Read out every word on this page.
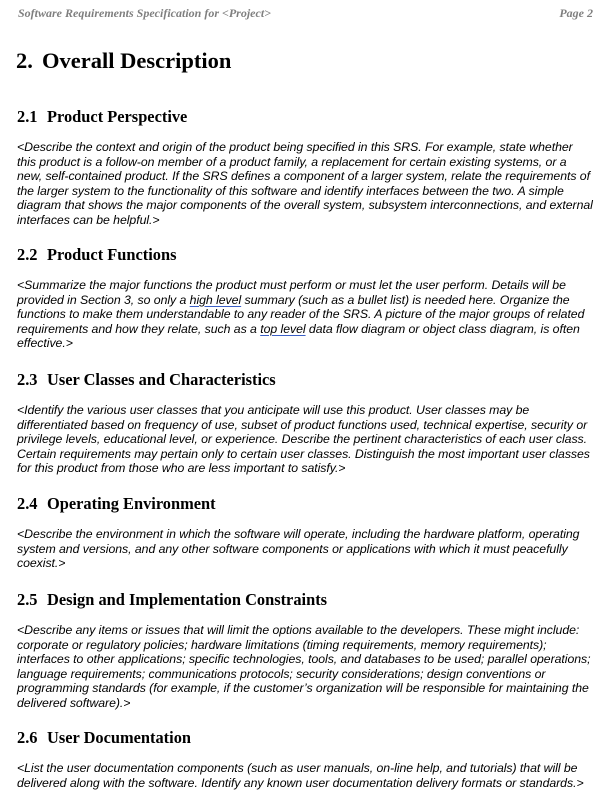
Software Requirements Specification for <Project>	Page 2
2. Overall Description
2.1 Product Perspective

<Describe the context and origin of the product being specified in this SRS. For example, state whether this product is a follow-on member of a product family, a replacement for certain existing systems, or a new, self-contained product. If the SRS defines a component of a larger system, relate the requirements of the larger system to the functionality of this software and identify interfaces between the two. A simple diagram that shows the major components of the overall system, subsystem interconnections, and external interfaces can be helpful.>

2.2 Product Functions

<Summarize the major functions the product must perform or must let the user perform. Details will be provided in Section 3, so only a high level summary (such as a bullet list) is needed here. Organize the functions to make them understandable to any reader of the SRS. A picture of the major groups of related requirements and how they relate, such as a top level data flow diagram or object class diagram, is often effective.>

2.3 User Classes and Characteristics

<Identify the various user classes that you anticipate will use this product. User classes may be differentiated based on frequency of use, subset of product functions used, technical expertise, security or privilege levels, educational level, or experience. Describe the pertinent characteristics of each user class. Certain requirements may pertain only to certain user classes. Distinguish the most important user classes for this product from those who are less important to satisfy.>

2.4 Operating Environment

<Describe the environment in which the software will operate, including the hardware platform, operating system and versions, and any other software components or applications with which it must peacefully coexist.>

2.5 Design and Implementation Constraints

<Describe any items or issues that will limit the options available to the developers. These might include: corporate or regulatory policies; hardware limitations (timing requirements, memory requirements); interfaces to other applications; specific technologies, tools, and databases to be used; parallel operations; language requirements; communications protocols; security considerations; design conventions or programming standards (for example, if the customer’s organization will be responsible for maintaining the delivered software).>

2.6 User Documentation

<List the user documentation components (such as user manuals, on-line help, and tutorials) that will be delivered along with the software. Identify any known user documentation delivery formats or standards.>
